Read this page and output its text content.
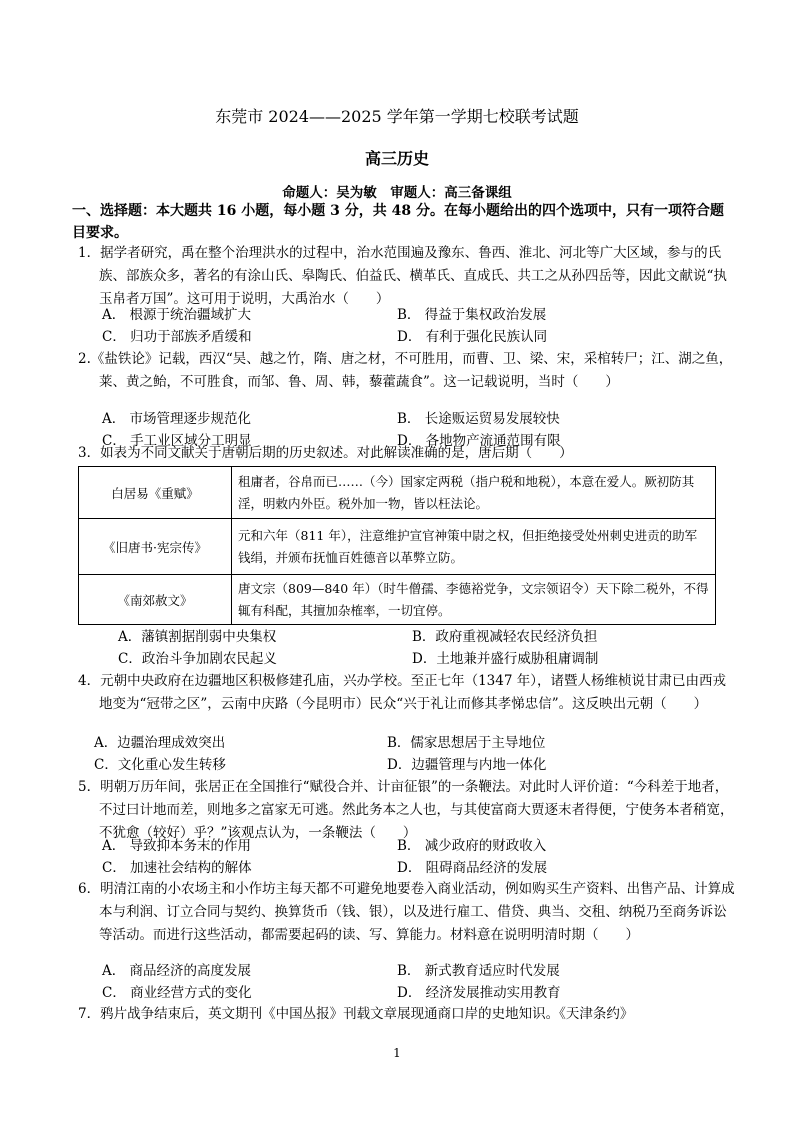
东莞市 2024——2025 学年第一学期七校联考试题
高三历史
命题人：吴为敏　审题人：高三备课组
一、选择题：本大题共 16 小题，每小题 3 分，共 48 分。在每小题给出的四个选项中，只有一项符合题目要求。
1．据学者研究，禹在整个治理洪水的过程中，治水范围遍及豫东、鲁西、淮北、河北等广大区域，参与的氏族、部族众多，著名的有涂山氏、皋陶氏、伯益氏、横革氏、直成氏、共工之从孙四岳等，因此文献说“执玉帛者万国”。这可用于说明，大禹治水（　　）
A． 根源于统治疆域扩大	B． 得益于集权政治发展
C． 归功于部族矛盾缓和	D． 有利于强化民族认同
2.《盐铁论》记载，西汉“吴、越之竹，隋、唐之材，不可胜用，而曹、卫、梁、宋，采棺转尸；江、湖之鱼，莱、黄之鲐，不可胜食，而邹、鲁、周、韩，藜藿蔬食”。这一记载说明，当时（　　）
A． 市场管理逐步规范化	B． 长途贩运贸易发展较快
C． 手工业区域分工明显	D． 各地物产流通范围有限
3．如表为不同文献关于唐朝后期的历史叙述。对此解读准确的是，唐后期（　　）
白居易《重赋》	租庸者，谷帛而已……（今）国家定两税（指户税和地税），本意在爱人。厥初防其淫，明敕内外臣。税外加一物，皆以枉法论。
《旧唐书·宪宗传》	元和六年（811 年），注意维护宣官神策中尉之权，但拒绝接受处州刺史进贡的助军钱绢，并颁布抚恤百姓德音以革弊立防。
《南郊赦文》	唐文宗（809—840 年）（时牛僧孺、李德裕党争，文宗领诏令）天下除二税外，不得辄有科配，其擅加杂榷率，一切宜停。
A．藩镇割据削弱中央集权	B．政府重视减轻农民经济负担
C．政治斗争加剧农民起义	D．土地兼并盛行威胁租庸调制
4．元朝中央政府在边疆地区积极修建孔庙，兴办学校。至正七年（1347 年），诸暨人杨维桢说甘肃已由西戎地变为“冠带之区”，云南中庆路（今昆明市）民众“兴于礼让而修其孝悌忠信”。这反映出元朝（　　）
A．边疆治理成效突出	B．儒家思想居于主导地位
C．文化重心发生转移	D．边疆管理与内地一体化
5．明朝万历年间，张居正在全国推行“赋役合并、计亩征银”的一条鞭法。对此时人评价道：“今科差于地者，不过曰计地而差，则地多之富家无可逃。然此务本之人也，与其使富商大贾逐末者得便，宁使务本者稍宽，不犹愈（较好）乎？”该观点认为，一条鞭法（　　）
A． 导致抑本务末的作用	B． 减少政府的财政收入
C． 加速社会结构的解体	D． 阻碍商品经济的发展
6．明清江南的小农场主和小作坊主每天都不可避免地要卷入商业活动，例如购买生产资料、出售产品、计算成本与利润、订立合同与契约、换算货币（钱、银），以及进行雇工、借贷、典当、交租、纳税乃至商务诉讼等活动。而进行这些活动，都需要起码的读、写、算能力。材料意在说明明清时期（　　）
A． 商品经济的高度发展	B． 新式教育适应时代发展
C． 商业经营方式的变化	D． 经济发展推动实用教育
7．鸦片战争结束后，英文期刊《中国丛报》刊载文章展现通商口岸的史地知识。《天津条约》
1
